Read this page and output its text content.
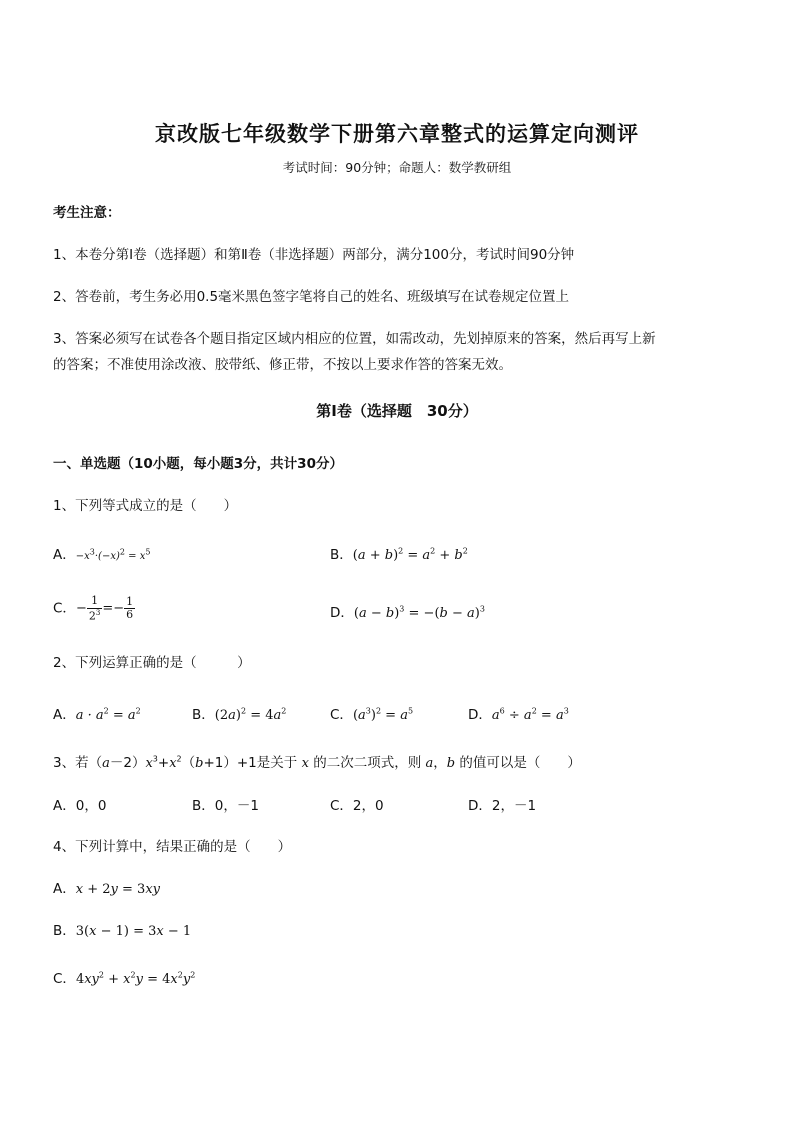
京改版七年级数学下册第六章整式的运算定向测评
考试时间：90分钟；命题人：数学教研组
考生注意：
1、本卷分第Ⅰ卷（选择题）和第Ⅱ卷（非选择题）两部分，满分100分，考试时间90分钟
2、答卷前，考生务必用0.5毫米黑色签字笔将自己的姓名、班级填写在试卷规定位置上
3、答案必须写在试卷各个题目指定区域内相应的位置，如需改动，先划掉原来的答案，然后再写上新
的答案；不准使用涂改液、胶带纸、修正带，不按以上要求作答的答案无效。
第Ⅰ卷（选择题　30分）
一、单选题（10小题，每小题3分，共计30分）
1、下列等式成立的是（　　）
A．$-x^3\cdot(-x)^2 = x^5$	B．$(a + b)^2 = a^2 + b^2$
C．− $\frac{1}{2^3} =- \frac{1}{6}$	D．$(a - b)^3 = -(b - a)^3$
2、下列运算正确的是（　　　）
A．$a \cdot a^2 = a^2$	B．$(2a)^2 = 4a^2$	C．$(a^3)^2 = a^5$	D．$a^6 \div a^2 = a^3$
3、若$(a-2)x^3+x^2(b+1)+1$是关于 x 的二次二项式，则 a，b 的值可以是（　　）
A．0，0	B．0，－1	C．2，0	D．2，－1
4、下列计算中，结果正确的是（　　）
A．x + 2y = 3xy
B．3(x − 1) = 3x − 1
C．$4xy^2 + x^2y = 4x^2y^2$
